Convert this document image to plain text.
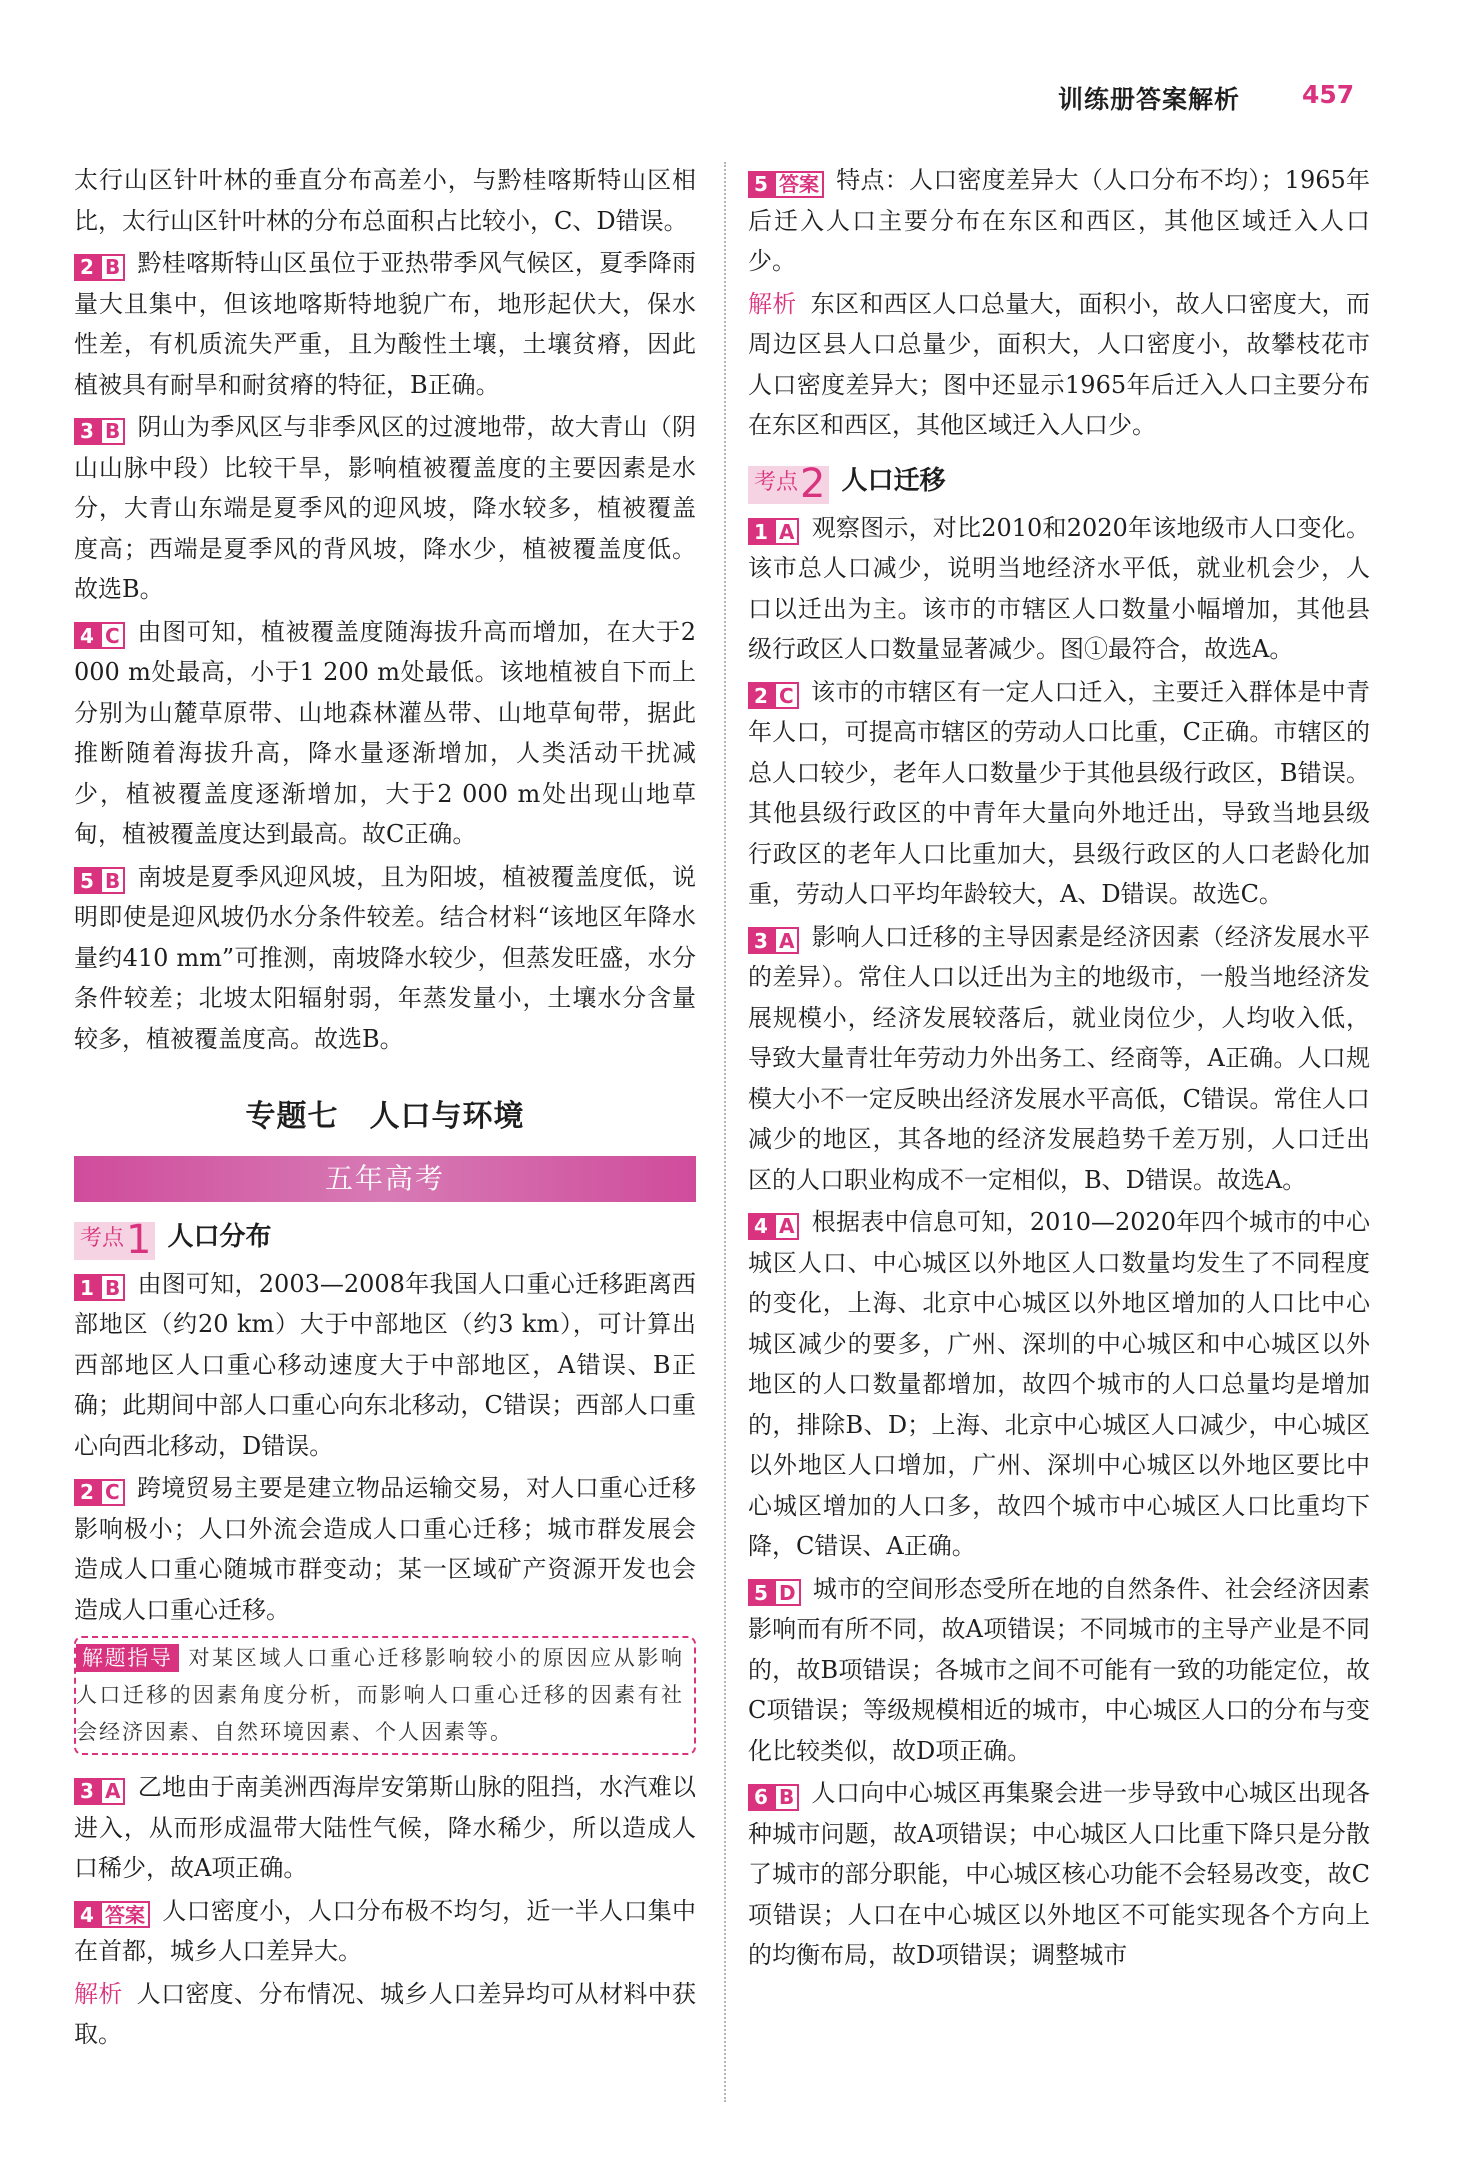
训练册答案解析 457

太行山区针叶林的垂直分布高差小，与黔桂喀斯特山区相比，太行山区针叶林的分布总面积占比较小，C、D错误。

2 B 黔桂喀斯特山区虽位于亚热带季风气候区，夏季降雨量大且集中，但该地喀斯特地貌广布，地形起伏大，保水性差，有机质流失严重，且为酸性土壤，土壤贫瘠，因此植被具有耐旱和耐贫瘠的特征，B正确。

3 B 阴山为季风区与非季风区的过渡地带，故大青山（阴山山脉中段）比较干旱，影响植被覆盖度的主要因素是水分，大青山东端是夏季风的迎风坡，降水较多，植被覆盖度高；西端是夏季风的背风坡，降水少，植被覆盖度低。故选B。

4 C 由图可知，植被覆盖度随海拔升高而增加，在大于2 000 m处最高，小于1 200 m处最低。该地植被自下而上分别为山麓草原带、山地森林灌丛带、山地草甸带，据此推断随着海拔升高，降水量逐渐增加，人类活动干扰减少，植被覆盖度逐渐增加，大于2 000 m处出现山地草甸，植被覆盖度达到最高。故C正确。

5 B 南坡是夏季风迎风坡，且为阳坡，植被覆盖度低，说明即使是迎风坡仍水分条件较差。结合材料“该地区年降水量约410 mm”可推测，南坡降水较少，但蒸发旺盛，水分条件较差；北坡太阳辐射弱，年蒸发量小，土壤水分含量较多，植被覆盖度高。故选B。

专题七　人口与环境
五年高考
考点 1 人口分布

1 B 由图可知，2003—2008年我国人口重心迁移距离西部地区（约20 km）大于中部地区（约3 km），可计算出西部地区人口重心移动速度大于中部地区，A错误、B正确；此期间中部人口重心向东北移动，C错误；西部人口重心向西北移动，D错误。

2 C 跨境贸易主要是建立物品运输交易，对人口重心迁移影响极小；人口外流会造成人口重心迁移；城市群发展会造成人口重心随城市群变动；某一区域矿产资源开发也会造成人口重心迁移。

解题指导 对某区域人口重心迁移影响较小的原因应从影响人口迁移的因素角度分析，而影响人口重心迁移的因素有社会经济因素、自然环境因素、个人因素等。

3 A 乙地由于南美洲西海岸安第斯山脉的阻挡，水汽难以进入，从而形成温带大陆性气候，降水稀少，所以造成人口稀少，故A项正确。

4 答案 人口密度小，人口分布极不均匀，近一半人口集中在首都，城乡人口差异大。

解析 人口密度、分布情况、城乡人口差异均可从材料中获取。

5 答案 特点：人口密度差异大（人口分布不均）；1965年后迁入人口主要分布在东区和西区，其他区域迁入人口少。

解析 东区和西区人口总量大，面积小，故人口密度大，而周边区县人口总量少，面积大，人口密度小，故攀枝花市人口密度差异大；图中还显示1965年后迁入人口主要分布在东区和西区，其他区域迁入人口少。

考点 2 人口迁移

1 A 观察图示，对比2010和2020年该地级市人口变化。该市总人口减少，说明当地经济水平低，就业机会少，人口以迁出为主。该市的市辖区人口数量小幅增加，其他县级行政区人口数量显著减少。图①最符合，故选A。

2 C 该市的市辖区有一定人口迁入，主要迁入群体是中青年人口，可提高市辖区的劳动人口比重，C正确。市辖区的总人口较少，老年人口数量少于其他县级行政区，B错误。其他县级行政区的中青年大量向外地迁出，导致当地县级行政区的老年人口比重加大，县级行政区的人口老龄化加重，劳动人口平均年龄较大，A、D错误。故选C。

3 A 影响人口迁移的主导因素是经济因素（经济发展水平的差异）。常住人口以迁出为主的地级市，一般当地经济发展规模小，经济发展较落后，就业岗位少，人均收入低，导致大量青壮年劳动力外出务工、经商等，A正确。人口规模大小不一定反映出经济发展水平高低，C错误。常住人口减少的地区，其各地的经济发展趋势千差万别，人口迁出区的人口职业构成不一定相似，B、D错误。故选A。

4 A 根据表中信息可知，2010—2020年四个城市的中心城区人口、中心城区以外地区人口数量均发生了不同程度的变化，上海、北京中心城区以外地区增加的人口比中心城区减少的要多，广州、深圳的中心城区和中心城区以外地区的人口数量都增加，故四个城市的人口总量均是增加的，排除B、D；上海、北京中心城区人口减少，中心城区以外地区人口增加，广州、深圳中心城区以外地区要比中心城区增加的人口多，故四个城市中心城区人口比重均下降，C错误、A正确。

5 D 城市的空间形态受所在地的自然条件、社会经济因素影响而有所不同，故A项错误；不同城市的主导产业是不同的，故B项错误；各城市之间不可能有一致的功能定位，故C项错误；等级规模相近的城市，中心城区人口的分布与变化比较类似，故D项正确。

6 B 人口向中心城区再集聚会进一步导致中心城区出现各种城市问题，故A项错误；中心城区人口比重下降只是分散了城市的部分职能，中心城区核心功能不会轻易改变，故C项错误；人口在中心城区以外地区不可能实现各个方向上的均衡布局，故D项错误；调整城市
